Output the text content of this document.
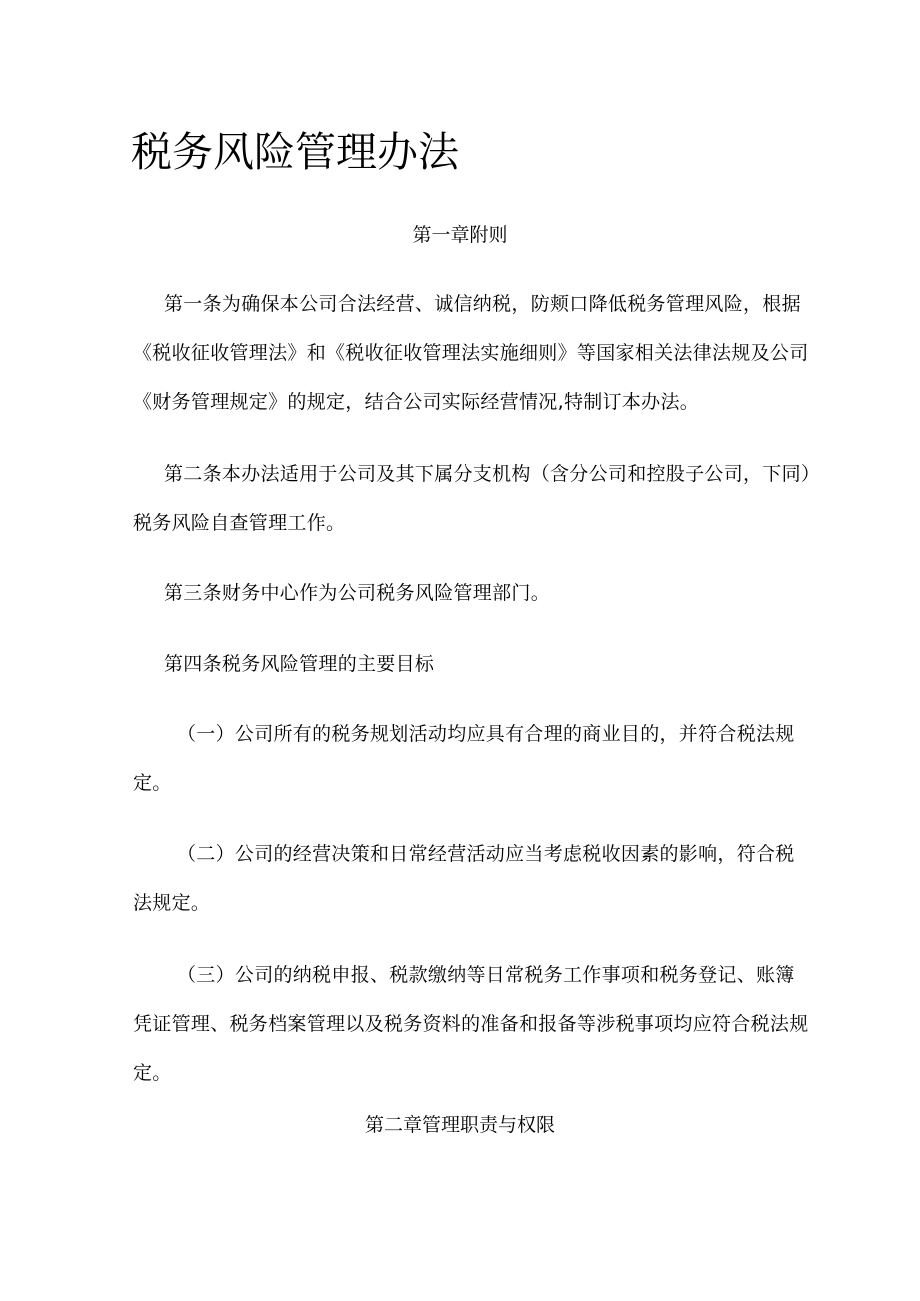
税务风险管理办法
第一章附则

第一条为确保本公司合法经营、诚信纳税，防颊口降低税务管理风险，根据《税收征收管理法》和《税收征收管理法实施细则》等国家相关法律法规及公司《财务管理规定》的规定，结合公司实际经营情况,特制订本办法。

第二条本办法适用于公司及其下属分支机构（含分公司和控股子公司，下同）税务风险自查管理工作。

第三条财务中心作为公司税务风险管理部门。

第四条税务风险管理的主要目标

（一）公司所有的税务规划活动均应具有合理的商业目的，并符合税法规定。

（二）公司的经营决策和日常经营活动应当考虑税收因素的影响，符合税法规定。

（三）公司的纳税申报、税款缴纳等日常税务工作事项和税务登记、账簿凭证管理、税务档案管理以及税务资料的准备和报备等涉税事项均应符合税法规定。

第二章管理职责与权限
